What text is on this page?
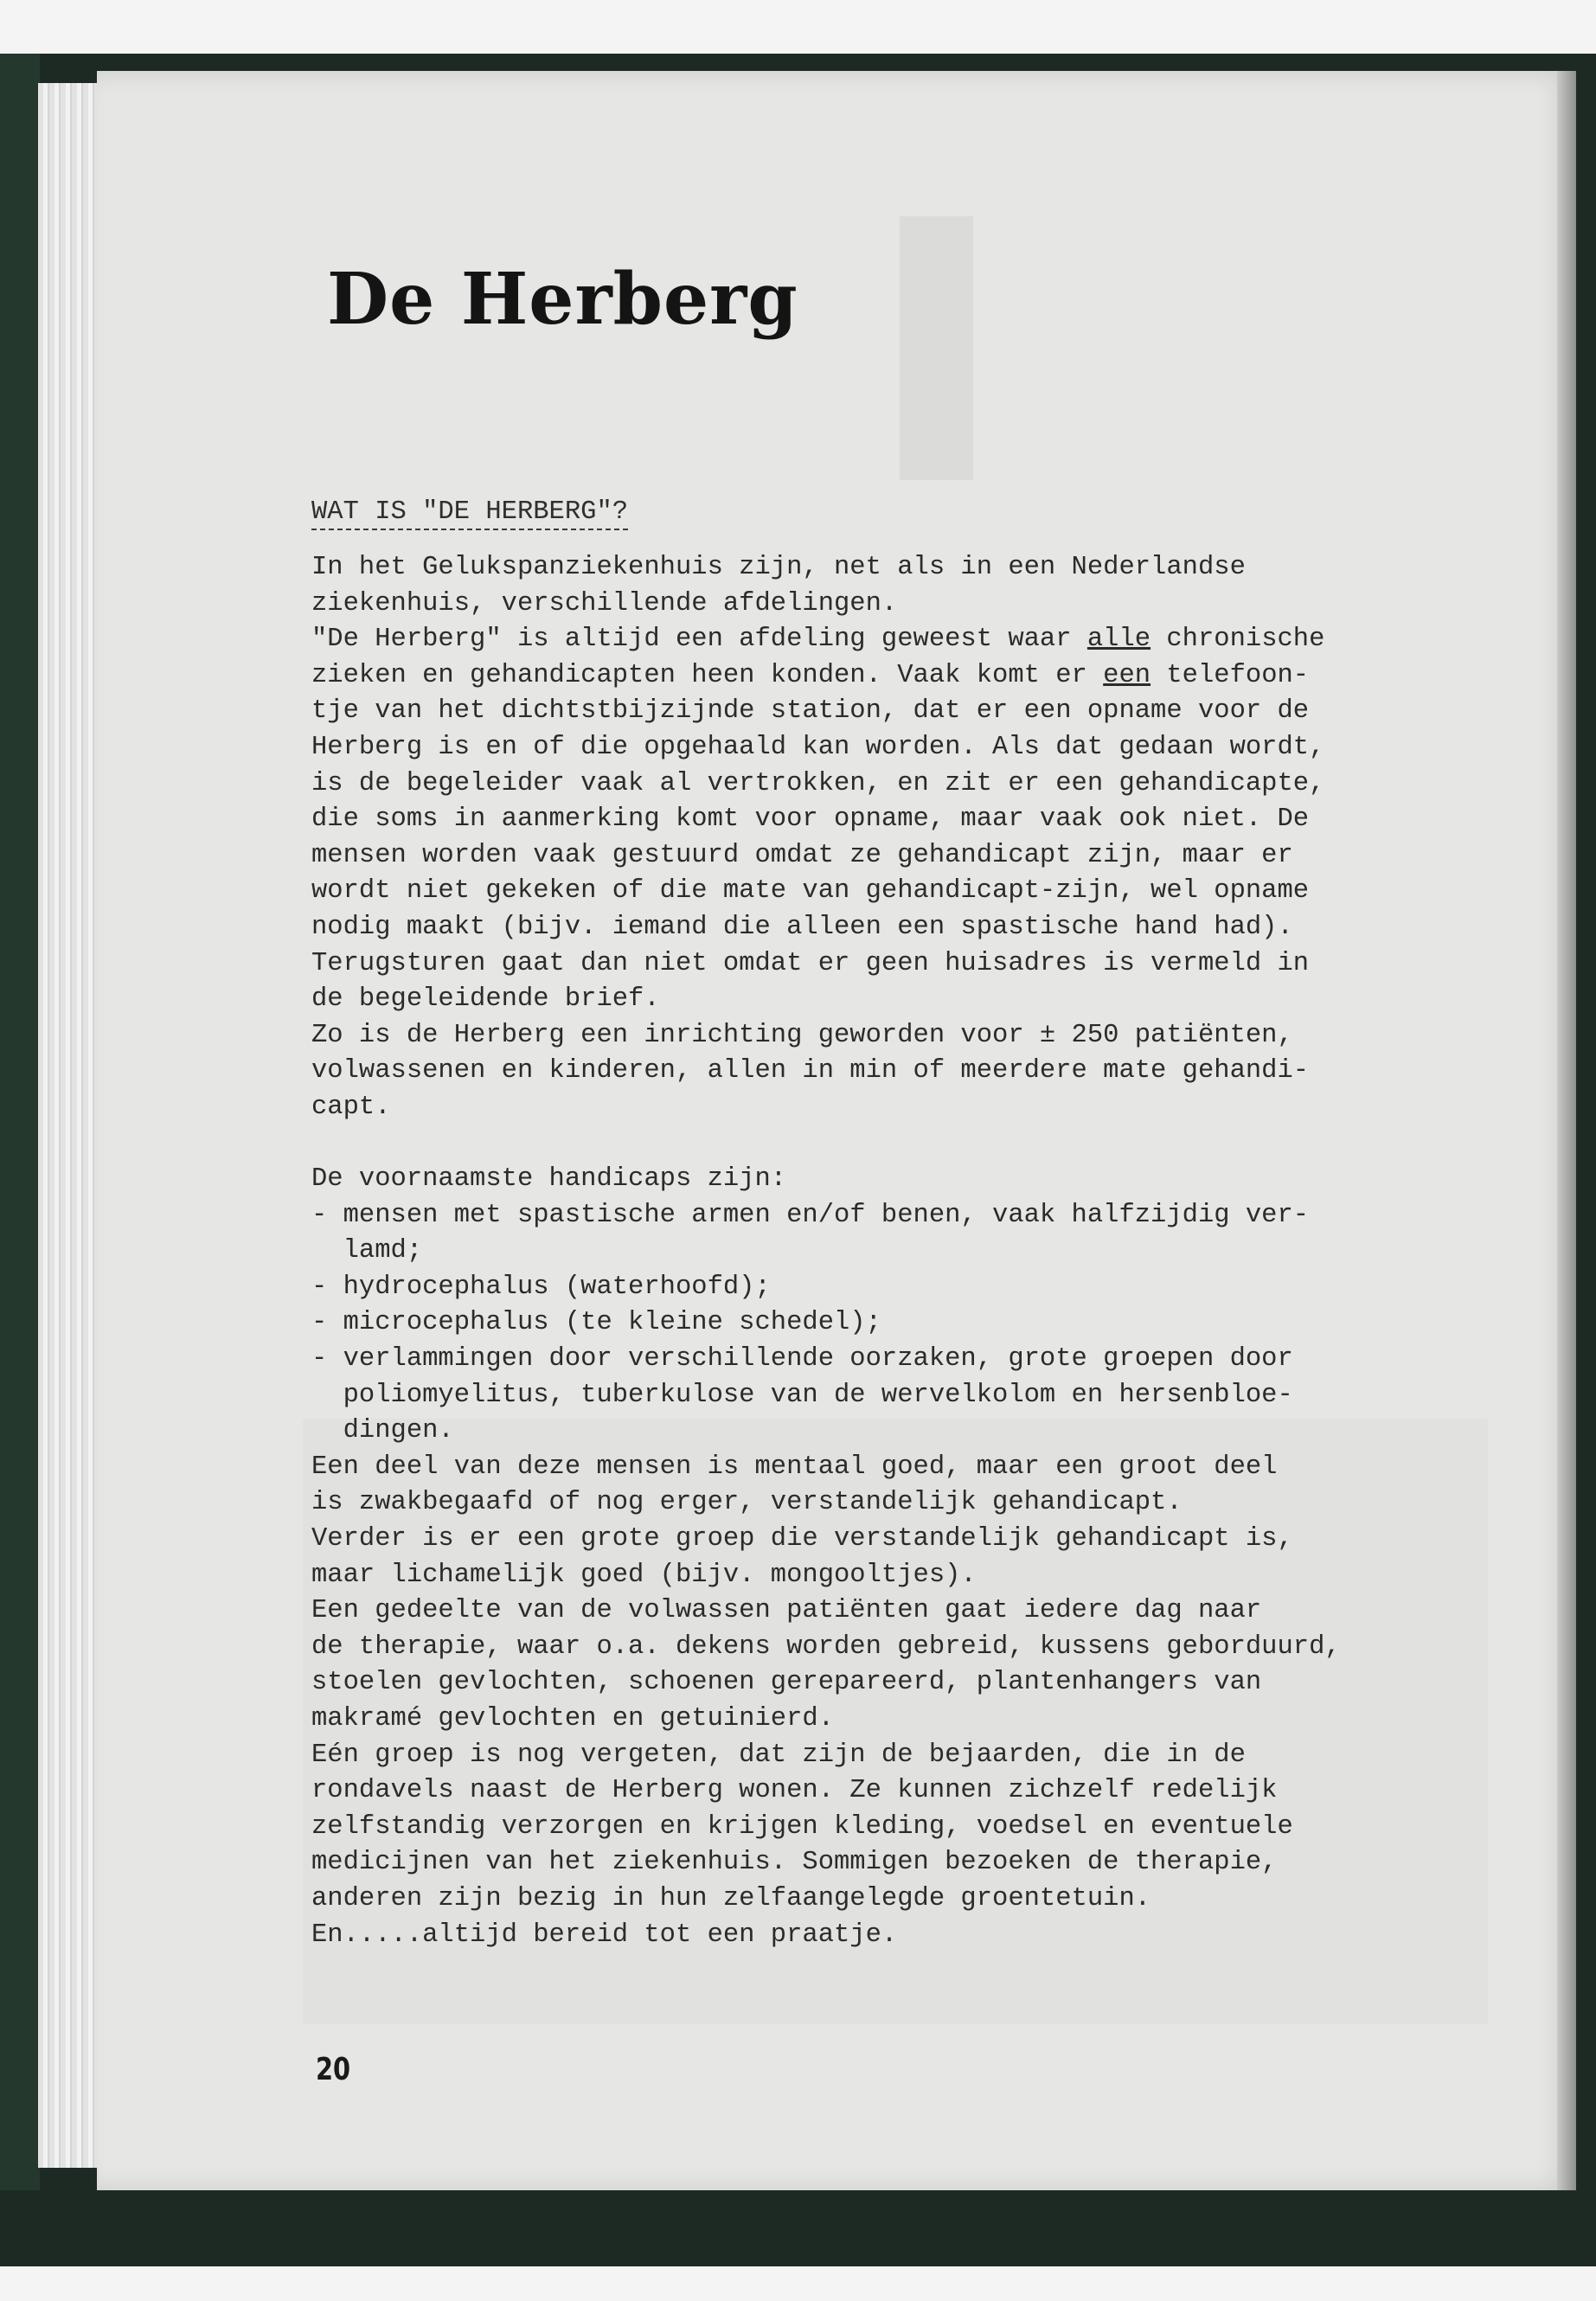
De Herberg
WAT IS "DE HERBERG"?
In het Gelukspanziekenhuis zijn, net als in een Nederlandse
ziekenhuis, verschillende afdelingen.
"De Herberg" is altijd een afdeling geweest waar alle chronische
zieken en gehandicapten heen konden. Vaak komt er een telefoon-
tje van het dichtstbijzijnde station, dat er een opname voor de
Herberg is en of die opgehaald kan worden. Als dat gedaan wordt,
is de begeleider vaak al vertrokken, en zit er een gehandicapte,
die soms in aanmerking komt voor opname, maar vaak ook niet. De
mensen worden vaak gestuurd omdat ze gehandicapt zijn, maar er
wordt niet gekeken of die mate van gehandicapt-zijn, wel opname
nodig maakt (bijv. iemand die alleen een spastische hand had).
Terugsturen gaat dan niet omdat er geen huisadres is vermeld in
de begeleidende brief.
Zo is de Herberg een inrichting geworden voor ± 250 patiënten,
volwassenen en kinderen, allen in min of meerdere mate gehandi-
capt.
De voornaamste handicaps zijn:
- mensen met spastische armen en/of benen, vaak halfzijdig ver-
lamd;
- hydrocephalus (waterhoofd);
- microcephalus (te kleine schedel);
- verlammingen door verschillende oorzaken, grote groepen door
poliomyelitus, tuberkulose van de wervelkolom en hersenbloe-
dingen.
Een deel van deze mensen is mentaal goed, maar een groot deel
is zwakbegaafd of nog erger, verstandelijk gehandicapt.
Verder is er een grote groep die verstandelijk gehandicapt is,
maar lichamelijk goed (bijv. mongooltjes).
Een gedeelte van de volwassen patiënten gaat iedere dag naar
de therapie, waar o.a. dekens worden gebreid, kussens geborduurd,
stoelen gevlochten, schoenen gerepareerd, plantenhangers van
makramé gevlochten en getuinierd.
Eén groep is nog vergeten, dat zijn de bejaarden, die in de
rondavels naast de Herberg wonen. Ze kunnen zichzelf redelijk
zelfstandig verzorgen en krijgen kleding, voedsel en eventuele
medicijnen van het ziekenhuis. Sommigen bezoeken de therapie,
anderen zijn bezig in hun zelfaangelegde groentetuin.
En.....altijd bereid tot een praatje.
20
